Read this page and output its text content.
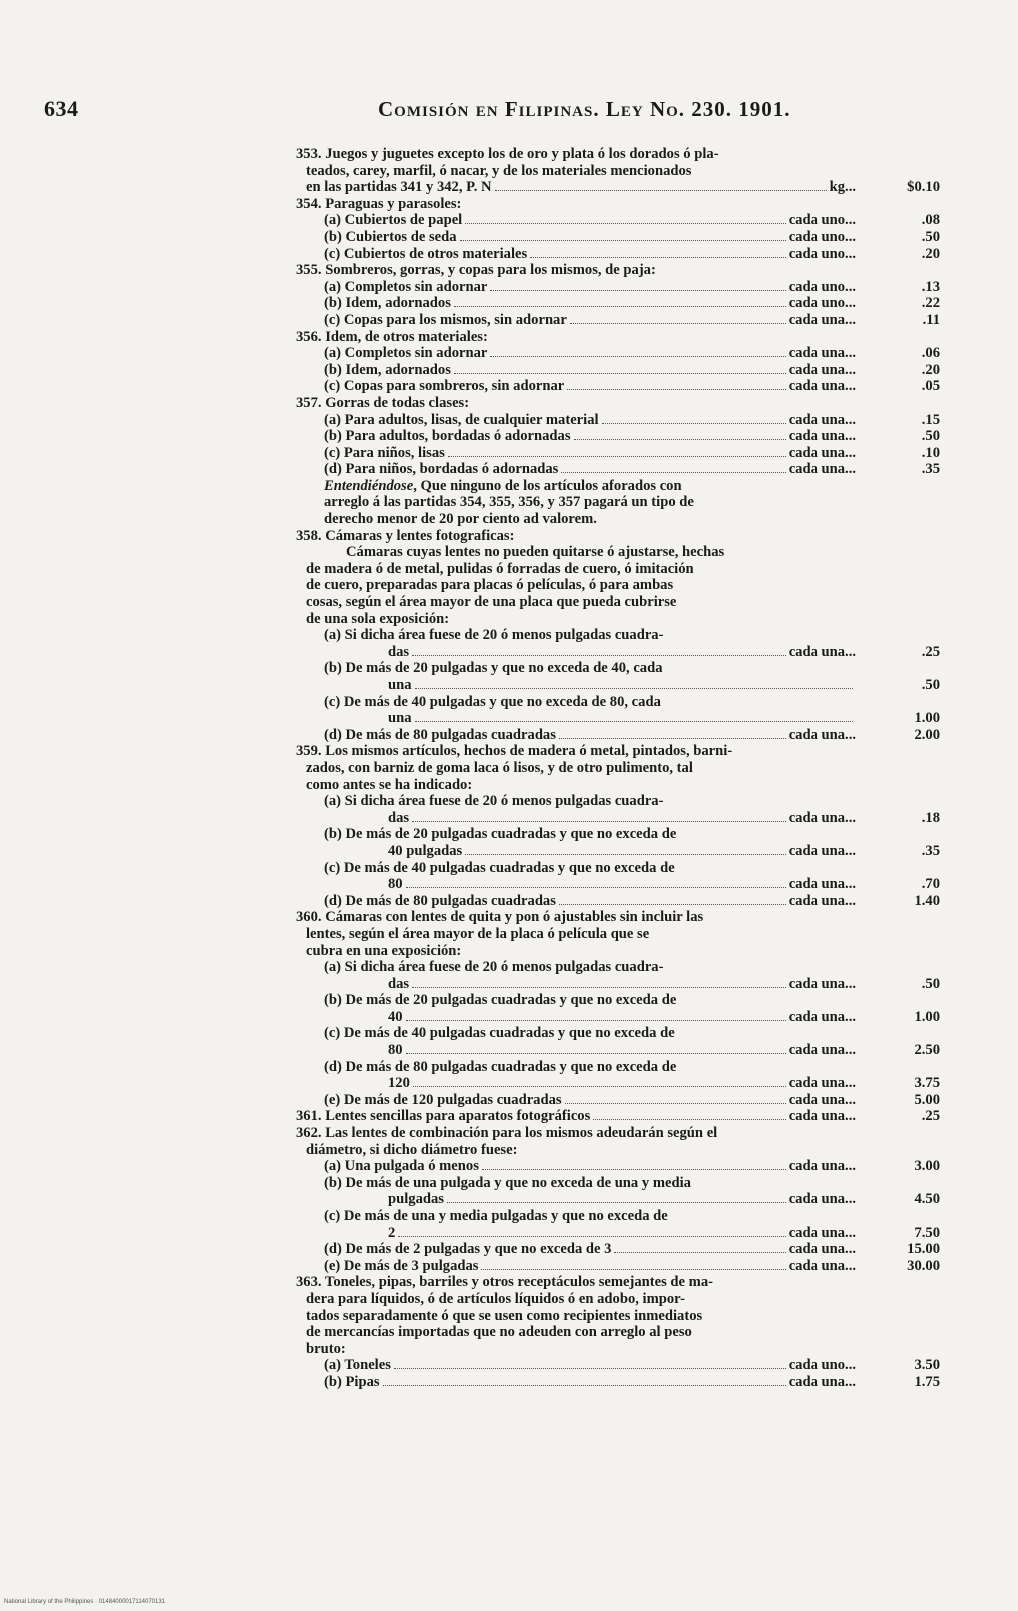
634	Comisión en Filipinas. Ley No. 230. 1901.
353. Juegos y juguetes excepto los de oro y plata ó los dorados ó pla-
teados, carey, marfil, ó nacar, y de los materiales mencionados
en las partidas 341 y 342, P. N	kg...	$0.10
354. Paraguas y parasoles:
(a) Cubiertos de papel	cada uno...	.08
(b) Cubiertos de seda	cada uno...	.50
(c) Cubiertos de otros materiales	cada uno...	.20
355. Sombreros, gorras, y copas para los mismos, de paja:
(a) Completos sin adornar	cada uno...	.13
(b) Idem, adornados	cada uno...	.22
(c) Copas para los mismos, sin adornar	cada una...	.11
356. Idem, de otros materiales:
(a) Completos sin adornar	cada una...	.06
(b) Idem, adornados	cada una...	.20
(c) Copas para sombreros, sin adornar	cada una...	.05
357. Gorras de todas clases:
(a) Para adultos, lisas, de cualquier material	cada una...	.15
(b) Para adultos, bordadas ó adornadas	cada una...	.50
(c) Para niños, lisas	cada una...	.10
(d) Para niños, bordadas ó adornadas	cada una...	.35
Entendiéndose, Que ninguno de los artículos aforados con
arreglo á las partidas 354, 355, 356, y 357 pagará un tipo de
derecho menor de 20 por ciento ad valorem.
358. Cámaras y lentes fotograficas:
Cámaras cuyas lentes no pueden quitarse ó ajustarse, hechas
de madera ó de metal, pulidas ó forradas de cuero, ó imitación
de cuero, preparadas para placas ó películas, ó para ambas
cosas, según el área mayor de una placa que pueda cubrirse
de una sola exposición:
(a) Si dicha área fuese de 20 ó menos pulgadas cuadra-
das	cada una...	.25
(b) De más de 20 pulgadas y que no exceda de 40, cada
una	.50
(c) De más de 40 pulgadas y que no exceda de 80, cada
una	1.00
(d) De más de 80 pulgadas cuadradas	cada una...	2.00
359. Los mismos artículos, hechos de madera ó metal, pintados, barni-
zados, con barniz de goma laca ó lisos, y de otro pulimento, tal
como antes se ha indicado:
(a) Si dicha área fuese de 20 ó menos pulgadas cuadra-
das	cada una...	.18
(b) De más de 20 pulgadas cuadradas y que no exceda de
40 pulgadas	cada una...	.35
(c) De más de 40 pulgadas cuadradas y que no exceda de
80	cada una...	.70
(d) De más de 80 pulgadas cuadradas	cada una...	1.40
360. Cámaras con lentes de quita y pon ó ajustables sin incluir las
lentes, según el área mayor de la placa ó película que se
cubra en una exposición:
(a) Si dicha área fuese de 20 ó menos pulgadas cuadra-
das	cada una...	.50
(b) De más de 20 pulgadas cuadradas y que no exceda de
40	cada una...	1.00
(c) De más de 40 pulgadas cuadradas y que no exceda de
80	cada una...	2.50
(d) De más de 80 pulgadas cuadradas y que no exceda de
120	cada una...	3.75
(e) De más de 120 pulgadas cuadradas	cada una...	5.00
361. Lentes sencillas para aparatos fotográficos	cada una...	.25
362. Las lentes de combinación para los mismos adeudarán según el
diámetro, si dicho diámetro fuese:
(a) Una pulgada ó menos	cada una...	3.00
(b) De más de una pulgada y que no exceda de una y media
pulgadas	cada una...	4.50
(c) De más de una y media pulgadas y que no exceda de
2	cada una...	7.50
(d) De más de 2 pulgadas y que no exceda de 3	cada una...	15.00
(e) De más de 3 pulgadas	cada una...	30.00
363. Toneles, pipas, barriles y otros receptáculos semejantes de ma-
dera para líquidos, ó de artículos líquidos ó en adobo, impor-
tados separadamente ó que se usen como recipientes inmediatos
de mercancías importadas que no adeuden con arreglo al peso
bruto:
(a) Toneles	cada uno...	3.50
(b) Pipas	cada una...	1.75
National Library of the Philippines · 01484000017114070131
